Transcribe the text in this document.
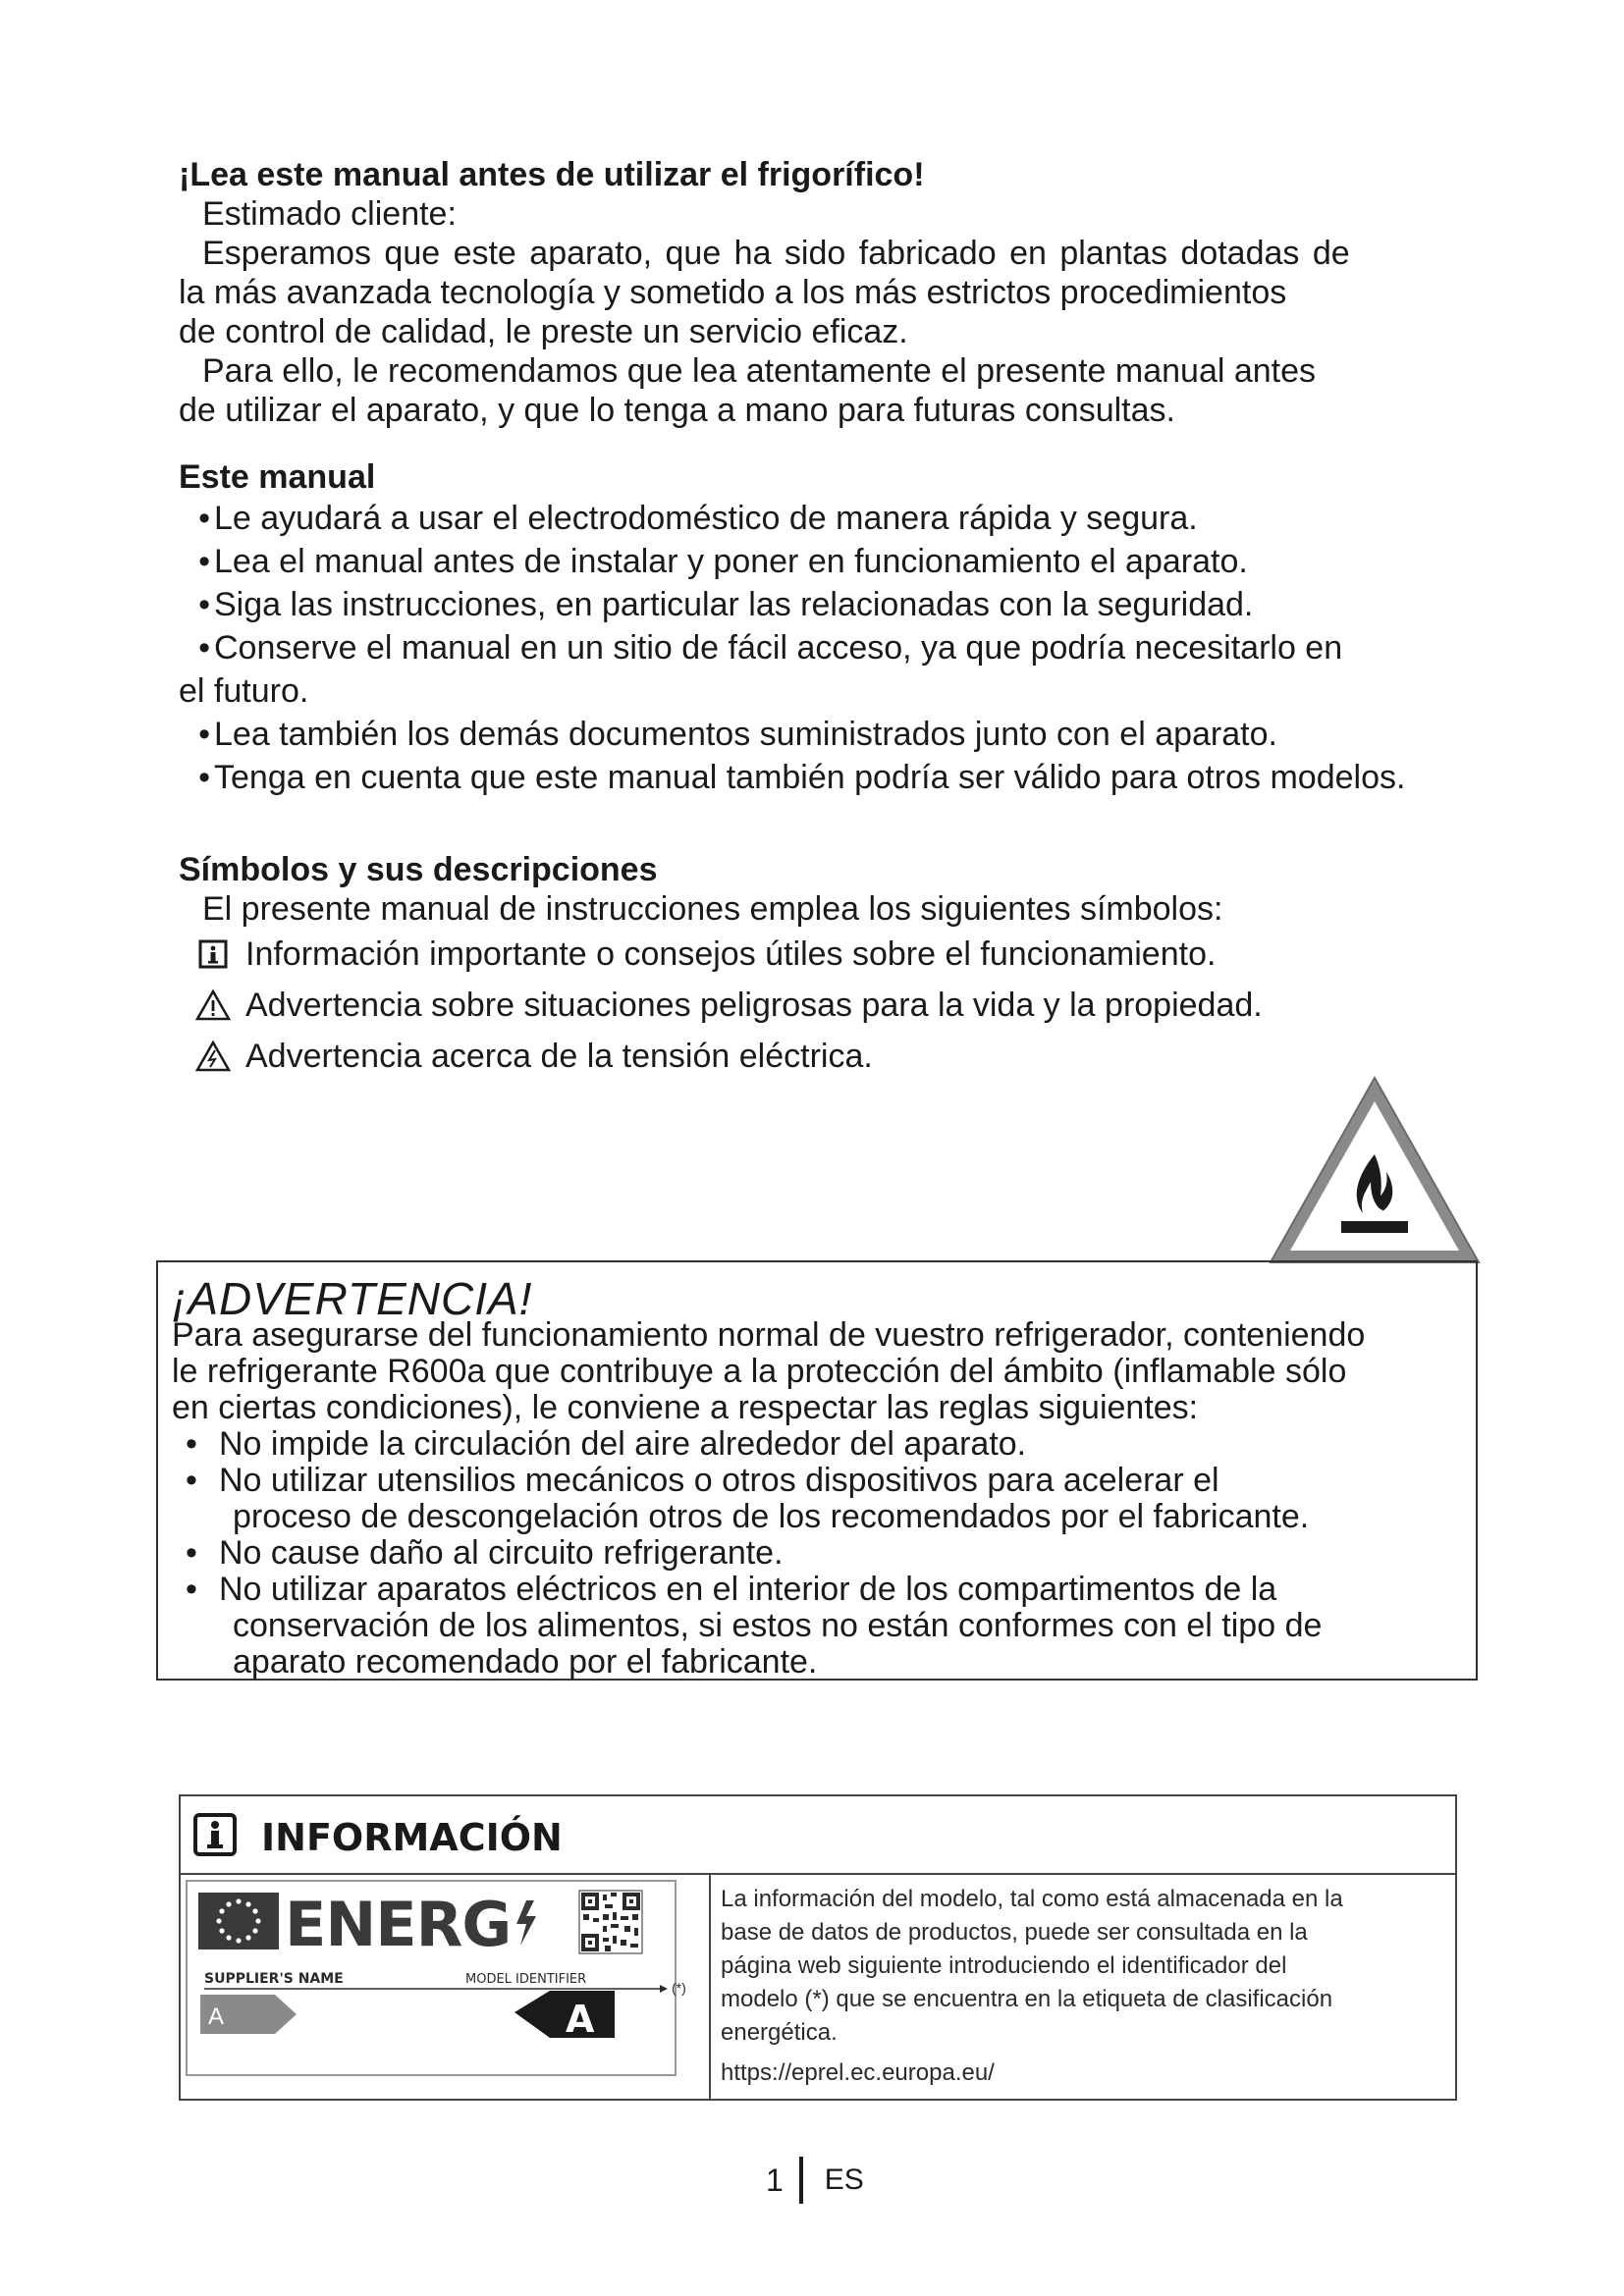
¡Lea este manual antes de utilizar el frigorífico!

Estimado cliente:

Esperamos que este aparato, que ha sido fabricado en plantas dotadas de

la más avanzada tecnología y sometido a los más estrictos procedimientos

de control de calidad, le preste un servicio eficaz.

Para ello, le recomendamos que lea atentamente el presente manual antes

de utilizar el aparato, y que lo tenga a mano para futuras consultas.

Este manual
• Le ayudará a usar el electrodoméstico de manera rápida y segura.
• Lea el manual antes de instalar y poner en funcionamiento el aparato.
• Siga las instrucciones, en particular las relacionadas con la seguridad.
• Conserve el manual en un sitio de fácil acceso, ya que podría necesitarlo en
el futuro.
• Lea también los demás documentos suministrados junto con el aparato.
• Tenga en cuenta que este manual también podría ser válido para otros modelos.
Símbolos y sus descripciones

El presente manual de instrucciones emplea los siguientes símbolos:

Información importante o consejos útiles sobre el funcionamiento.
Advertencia sobre situaciones peligrosas para la vida y la propiedad.
Advertencia acerca de la tensión eléctrica.
¡ADVERTENCIA!
Para asegurarse del funcionamiento normal de vuestro refrigerador, conteniendo
le refrigerante R600a que contribuye a la protección del ámbito (inflamable sólo
en ciertas condiciones), le conviene a respectar las reglas siguientes:
• No impide la circulación del aire alrededor del aparato.
• No utilizar utensilios mecánicos o otros dispositivos para acelerar el
proceso de descongelación otros de los recomendados por el fabricante.
• No cause daño al circuito refrigerante.
• No utilizar aparatos eléctricos en el interior de los compartimentos de la
conservación de los alimentos, si estos no están conformes con el tipo de
aparato recomendado por el fabricante.
INFORMACIÓN
ENERG
SUPPLIER'S NAME	MODEL IDENTIFIER
(*)
A	A
La información del modelo, tal como está almacenada en la
base de datos de productos, puede ser consultada en la
página web siguiente introduciendo el identificador del
modelo (*) que se encuentra en la etiqueta de clasificación
energética.
https://eprel.ec.europa.eu/
1 ES
